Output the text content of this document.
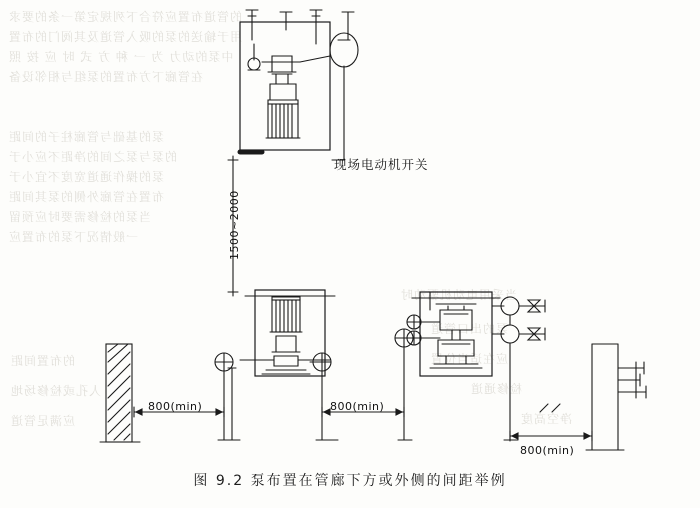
的管道布置应符合下列规定第一条的要求
用于输送的泵的吸入管道及其阀门的布置
中泵的动力 为 一 种 方 式 时 应 按 照
在管廊下方布置的泵组与相邻设备
泵的基础与管廊柱子的间距
的泵与泵之间的净距不应小于
泵的操作通道宽度不宜小于
布置在管廊外侧的泵其间距
当泵的检修需要时应预留
一般情况下泵的布置应
当采用电动机驱动时
泵的出口管道
应在适当位置
检修通道
净空高度
的布置间距
人孔或检修场地
应满足管道
现场电动机开关
1500~2000
800(min)	800(min)
800(min)
图 9.2 泵布置在管廊下方或外侧的间距举例
